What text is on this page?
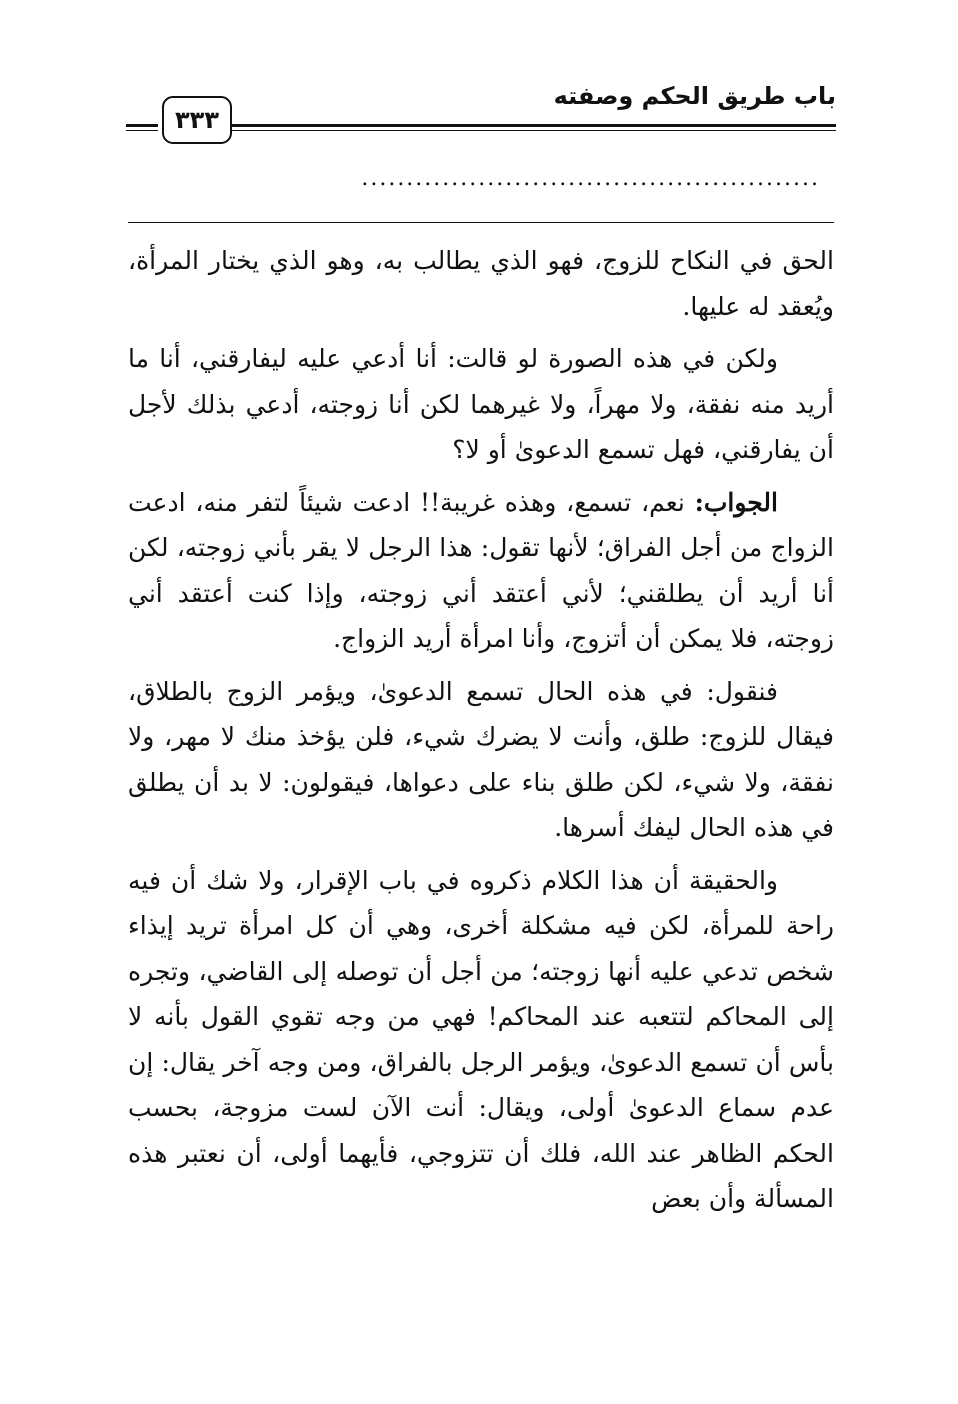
باب طريق الحكم وصفته
٣٣٣
...................................................

الحق في النكاح للزوج، فهو الذي يطالب به، وهو الذي يختار المرأة، ويُعقد له عليها.

ولكن في هذه الصورة لو قالت: أنا أدعي عليه ليفارقني، أنا ما أريد منه نفقة، ولا مهراً، ولا غيرهما لكن أنا زوجته، أدعي بذلك لأجل أن يفارقني، فهل تسمع الدعوىٰ أو لا؟

الجواب: نعم، تسمع، وهذه غريبة!! ادعت شيئاً لتفر منه، ادعت الزواج من أجل الفراق؛ لأنها تقول: هذا الرجل لا يقر بأني زوجته، لكن أنا أريد أن يطلقني؛ لأني أعتقد أني زوجته، وإذا كنت أعتقد أني زوجته، فلا يمكن أن أتزوج، وأنا امرأة أريد الزواج.

فنقول: في هذه الحال تسمع الدعوىٰ، ويؤمر الزوج بالطلاق، فيقال للزوج: طلق، وأنت لا يضرك شيء، فلن يؤخذ منك لا مهر، ولا نفقة، ولا شيء، لكن طلق بناء على دعواها، فيقولون: لا بد أن يطلق في هذه الحال ليفك أسرها.

والحقيقة أن هذا الكلام ذكروه في باب الإقرار، ولا شك أن فيه راحة للمرأة، لكن فيه مشكلة أخرى، وهي أن كل امرأة تريد إيذاء شخص تدعي عليه أنها زوجته؛ من أجل أن توصله إلى القاضي، وتجره إلى المحاكم لتتعبه عند المحاكم! فهي من وجه تقوي القول بأنه لا بأس أن تسمع الدعوىٰ، ويؤمر الرجل بالفراق، ومن وجه آخر يقال: إن عدم سماع الدعوىٰ أولى، ويقال: أنت الآن لست مزوجة، بحسب الحكم الظاهر عند الله، فلك أن تتزوجي، فأيهما أولى، أن نعتبر هذه المسألة وأن بعض
